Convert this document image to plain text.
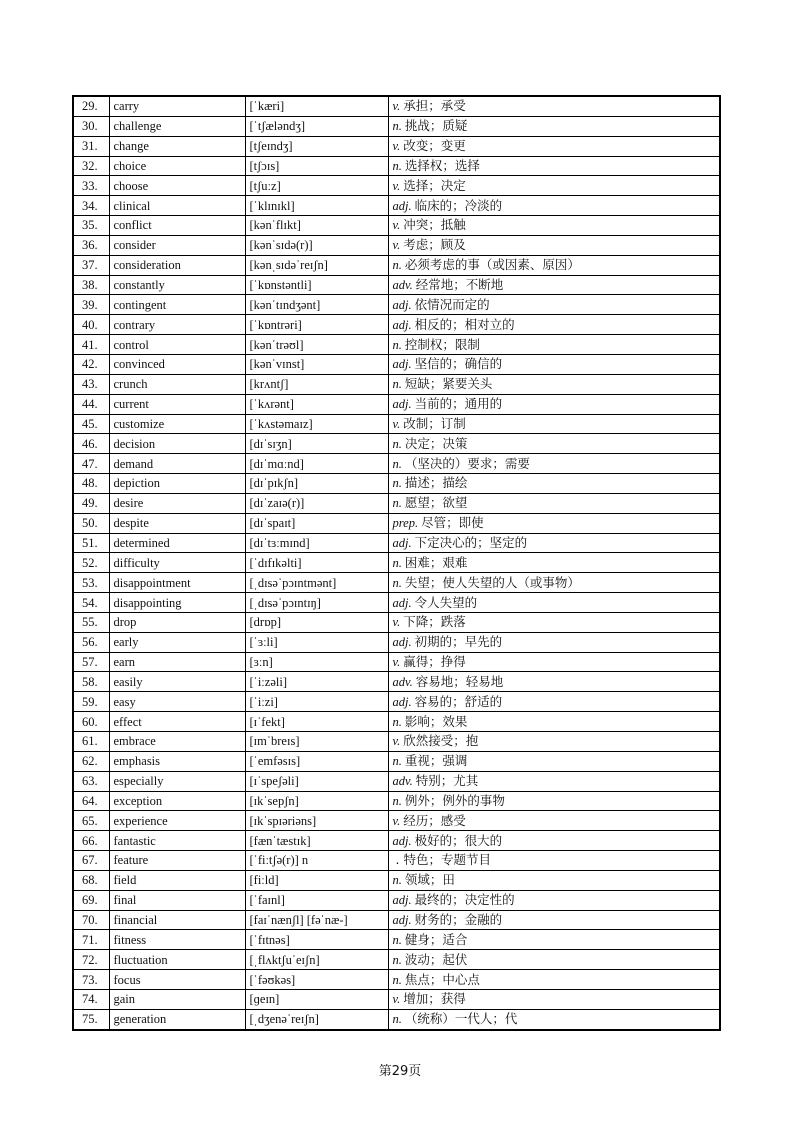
29.	carry	[ˈkæri]	v. 承担；承受
30.	challenge	[ˈtʃæləndʒ]	n. 挑战；质疑
31.	change	[tʃeɪndʒ]	v. 改变；变更
32.	choice	[tʃɔɪs]	n. 选择权；选择
33.	choose	[tʃuːz]	v. 选择；决定
34.	clinical	[ˈklɪnɪkl]	adj. 临床的；冷淡的
35.	conflict	[kənˈflɪkt]	v. 冲突；抵触
36.	consider	[kənˈsɪdə(r)]	v. 考虑；顾及
37.	consideration	[kənˌsɪdəˈreɪʃn]	n. 必须考虑的事（或因素、原因）
38.	constantly	[ˈkɒnstəntli]	adv. 经常地；不断地
39.	contingent	[kənˈtɪndʒənt]	adj. 依情况而定的
40.	contrary	[ˈkɒntrəri]	adj. 相反的；相对立的
41.	control	[kənˈtrəʊl]	n. 控制权；限制
42.	convinced	[kənˈvɪnst]	adj. 坚信的；确信的
43.	crunch	[krʌntʃ]	n. 短缺；紧要关头
44.	current	[ˈkʌrənt]	adj. 当前的；通用的
45.	customize	[ˈkʌstəmaɪz]	v. 改制；订制
46.	decision	[dɪˈsɪʒn]	n. 决定；决策
47.	demand	[dɪˈmɑːnd]	n. （坚决的）要求；需要
48.	depiction	[dɪˈpɪkʃn]	n. 描述；描绘
49.	desire	[dɪˈzaɪə(r)]	n. 愿望；欲望
50.	despite	[dɪˈspaɪt]	prep. 尽管；即使
51.	determined	[dɪˈtɜːmɪnd]	adj. 下定决心的；坚定的
52.	difficulty	[ˈdɪfɪkəlti]	n. 困难；艰难
53.	disappointment	[ˌdɪsəˈpɔɪntmənt]	n. 失望；使人失望的人（或事物）
54.	disappointing	[ˌdɪsəˈpɔɪntɪŋ]	adj. 令人失望的
55.	drop	[drɒp]	v. 下降；跌落
56.	early	[ˈɜːli]	adj. 初期的；早先的
57.	earn	[ɜːn]	v. 赢得；挣得
58.	easily	[ˈiːzəli]	adv. 容易地；轻易地
59.	easy	[ˈiːzi]	adj. 容易的；舒适的
60.	effect	[ɪˈfekt]	n. 影响；效果
61.	embrace	[ɪmˈbreɪs]	v. 欣然接受；抱
62.	emphasis	[ˈemfəsɪs]	n. 重视；强调
63.	especially	[ɪˈspeʃəli]	adv. 特别；尤其
64.	exception	[ɪkˈsepʃn]	n. 例外；例外的事物
65.	experience	[ɪkˈspɪəriəns]	v. 经历；感受
66.	fantastic	[fænˈtæstɪk]	adj. 极好的；很大的
67.	feature	[ˈfiːtʃə(r)] n	. 特色；专题节目
68.	field	[fiːld]	n. 领域；田
69.	final	[ˈfaɪnl]	adj. 最终的；决定性的
70.	financial	[faɪˈnænʃl] [fəˈnæ-]	adj. 财务的；金融的
71.	fitness	[ˈfɪtnəs]	n. 健身；适合
72.	fluctuation	[ˌflʌktʃuˈeɪʃn]	n. 波动；起伏
73.	focus	[ˈfəʊkəs]	n. 焦点；中心点
74.	gain	[ɡeɪn]	v. 增加；获得
75.	generation	[ˌdʒenəˈreɪʃn]	n. （统称）一代人；代
第29页
